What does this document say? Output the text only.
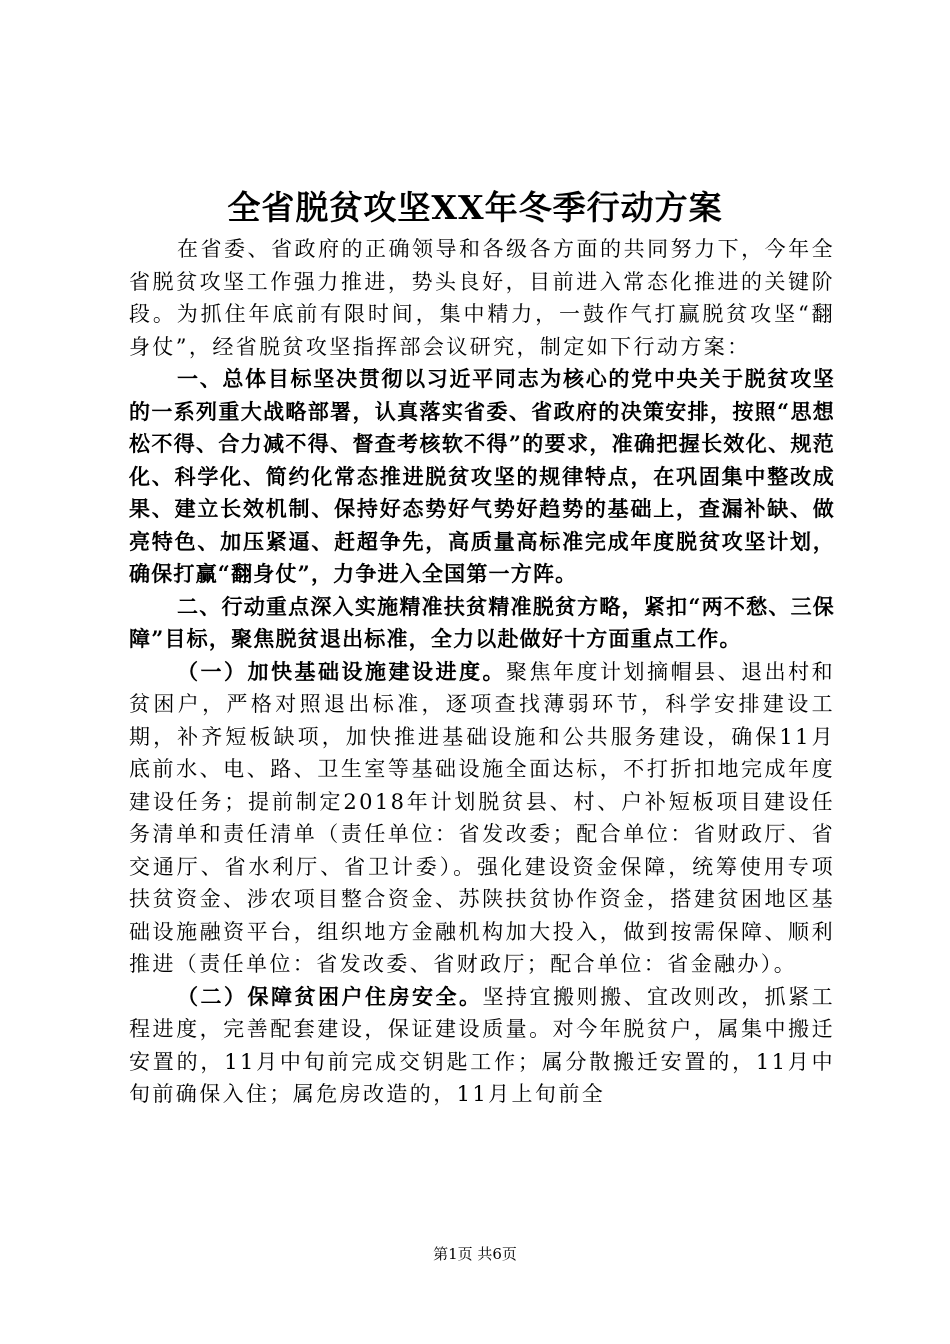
全省脱贫攻坚XX年冬季行动方案

在省委、省政府的正确领导和各级各方面的共同努力下，今年全省脱贫攻坚工作强力推进，势头良好，目前进入常态化推进的关键阶段。为抓住年底前有限时间，集中精力，一鼓作气打赢脱贫攻坚“翻身仗”，经省脱贫攻坚指挥部会议研究，制定如下行动方案：

一、总体目标坚决贯彻以习近平同志为核心的党中央关于脱贫攻坚的一系列重大战略部署，认真落实省委、省政府的决策安排，按照“思想松不得、合力减不得、督查考核软不得”的要求，准确把握长效化、规范化、科学化、简约化常态推进脱贫攻坚的规律特点，在巩固集中整改成果、建立长效机制、保持好态势好气势好趋势的基础上，查漏补缺、做亮特色、加压紧逼、赶超争先，高质量高标准完成年度脱贫攻坚计划，确保打赢“翻身仗”，力争进入全国第一方阵。

二、行动重点深入实施精准扶贫精准脱贫方略，紧扣“两不愁、三保障”目标，聚焦脱贫退出标准，全力以赴做好十方面重点工作。

（一）加快基础设施建设进度。聚焦年度计划摘帽县、退出村和贫困户，严格对照退出标准，逐项查找薄弱环节，科学安排建设工期，补齐短板缺项，加快推进基础设施和公共服务建设，确保11月底前水、电、路、卫生室等基础设施全面达标，不打折扣地完成年度建设任务；提前制定2018年计划脱贫县、村、户补短板项目建设任务清单和责任清单（责任单位：省发改委；配合单位：省财政厅、省交通厅、省水利厅、省卫计委）。强化建设资金保障，统筹使用专项扶贫资金、涉农项目整合资金、苏陕扶贫协作资金，搭建贫困地区基础设施融资平台，组织地方金融机构加大投入，做到按需保障、顺利推进（责任单位：省发改委、省财政厅；配合单位：省金融办）。

（二）保障贫困户住房安全。坚持宜搬则搬、宜改则改，抓紧工程进度，完善配套建设，保证建设质量。对今年脱贫户，属集中搬迁安置的，11月中旬前完成交钥匙工作；属分散搬迁安置的，11月中旬前确保入住；属危房改造的，11月上旬前全

第1页 共6页
